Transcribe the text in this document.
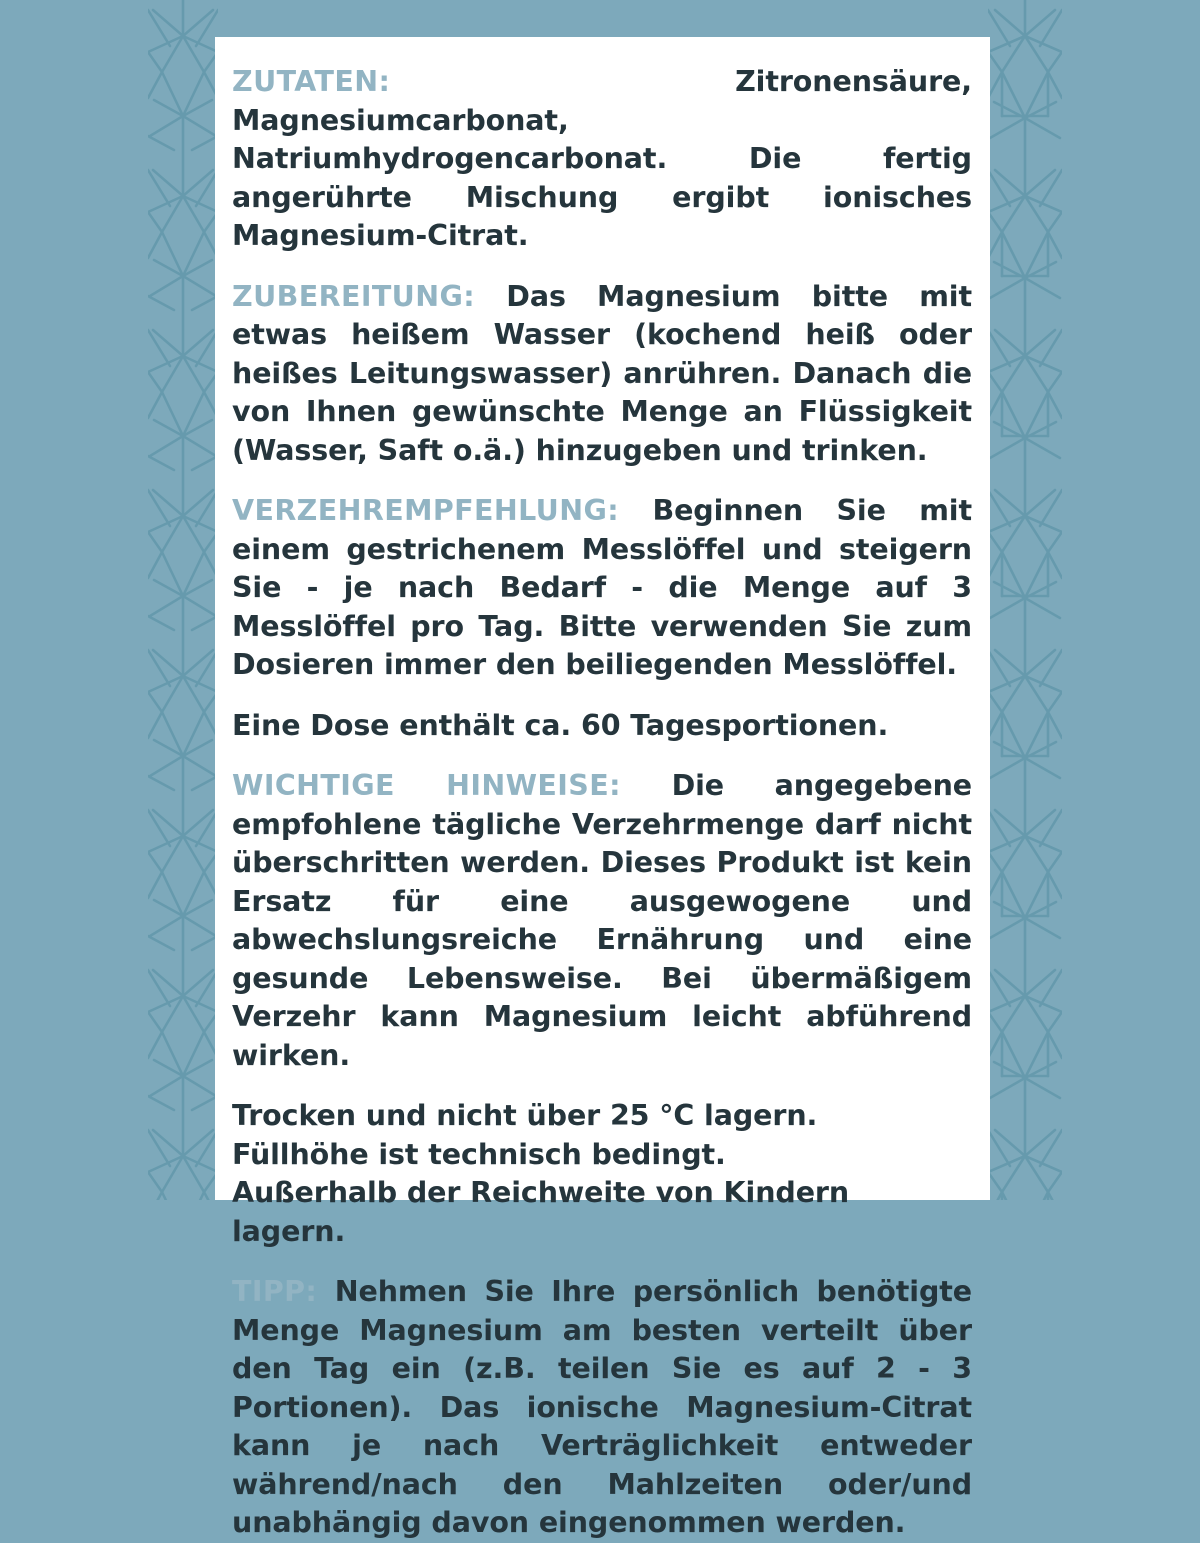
ZUTATEN:	Zitronensäure, Magnesiumcarbonat, Natriumhydrogencarbonat. Die fertig angerührte Mischung ergibt ionisches Magnesium-Citrat.

ZUBEREITUNG: Das Magnesium bitte mit etwas heißem Wasser (kochend heiß oder heißes Leitungswasser) anrühren. Danach die von Ihnen gewünschte Menge an Flüssigkeit (Wasser, Saft o.ä.) hinzugeben und trinken.

VERZEHREMPFEHLUNG: Beginnen Sie mit einem gestrichenem Messlöffel und steigern Sie - je nach Bedarf - die Menge auf 3 Messlöffel pro Tag. Bitte verwenden Sie zum Dosieren immer den beiliegenden Messlöffel.

Eine Dose enthält ca. 60 Tagesportionen.

WICHTIGE HINWEISE: Die angegebene empfohlene tägliche Verzehrmenge darf nicht überschritten werden. Dieses Produkt ist kein Ersatz für eine ausgewogene und abwechslungsreiche Ernährung und eine gesunde Lebensweise. Bei übermäßigem Verzehr kann Magnesium leicht abführend wirken.

Trocken und nicht über 25 °C lagern.
Füllhöhe ist technisch bedingt.
Außerhalb der Reichweite von Kindern lagern.

TIPP: Nehmen Sie Ihre persönlich benötigte Menge Magnesium am besten verteilt über den Tag ein (z.B. teilen Sie es auf 2 - 3 Portionen). Das ionische Magnesium-Citrat kann je nach Verträglichkeit entweder während/nach den Mahlzeiten oder/und unabhängig davon eingenommen werden.
